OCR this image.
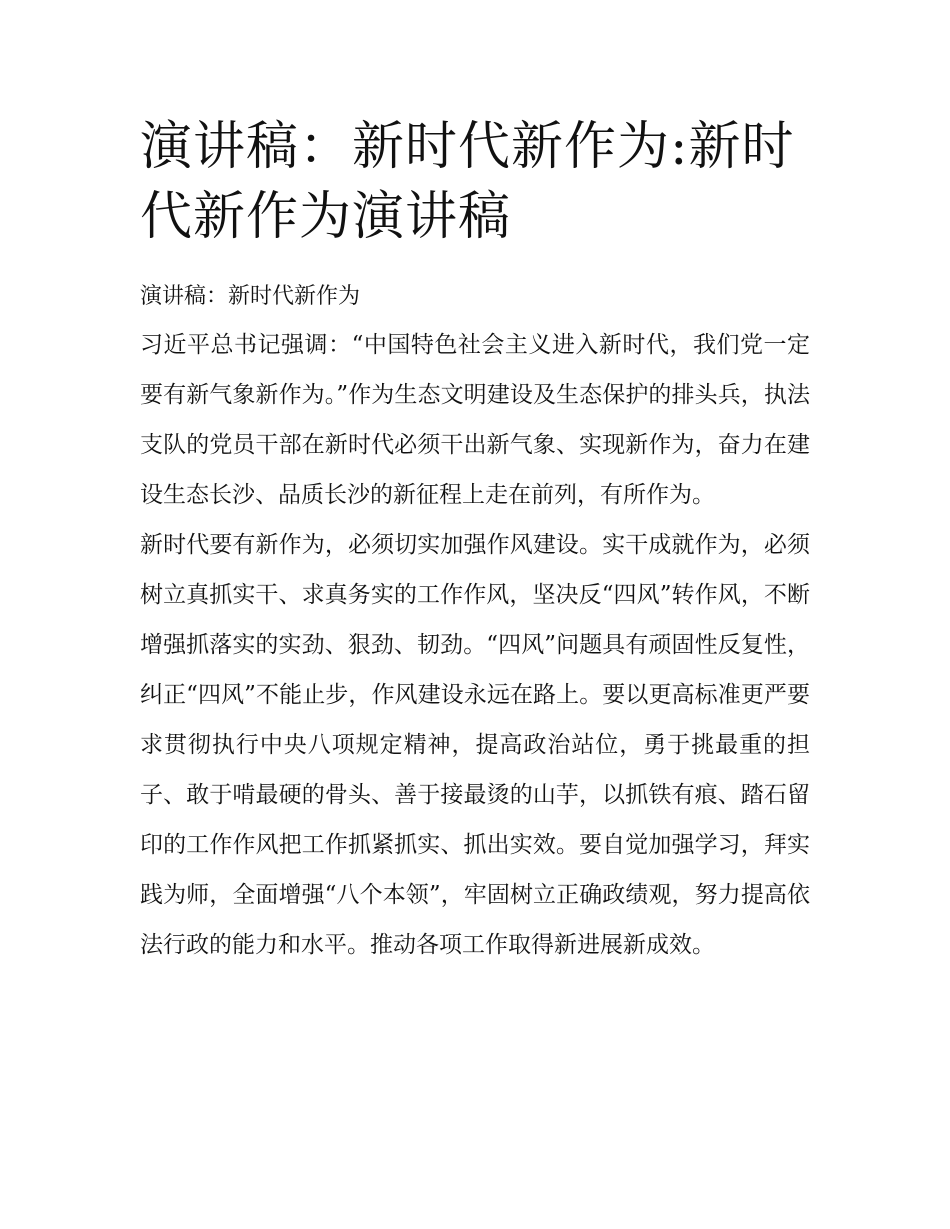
演讲稿：新时代新作为:新时代新作为演讲稿

演讲稿：新时代新作为

习近平总书记强调：“中国特色社会主义进入新时代，我们党一定要有新气象新作为。”作为生态文明建设及生态保护的排头兵，执法支队的党员干部在新时代必须干出新气象、实现新作为，奋力在建设生态长沙、品质长沙的新征程上走在前列，有所作为。

新时代要有新作为，必须切实加强作风建设。实干成就作为，必须树立真抓实干、求真务实的工作作风，坚决反“四风”转作风，不断增强抓落实的实劲、狠劲、韧劲。“四风”问题具有顽固性反复性，纠正“四风”不能止步，作风建设永远在路上。要以更高标准更严要求贯彻执行中央八项规定精神，提高政治站位，勇于挑最重的担子、敢于啃最硬的骨头、善于接最烫的山芋，以抓铁有痕、踏石留印的工作作风把工作抓紧抓实、抓出实效。要自觉加强学习，拜实践为师，全面增强“八个本领”，牢固树立正确政绩观，努力提高依法行政的能力和水平。推动各项工作取得新进展新成效。
